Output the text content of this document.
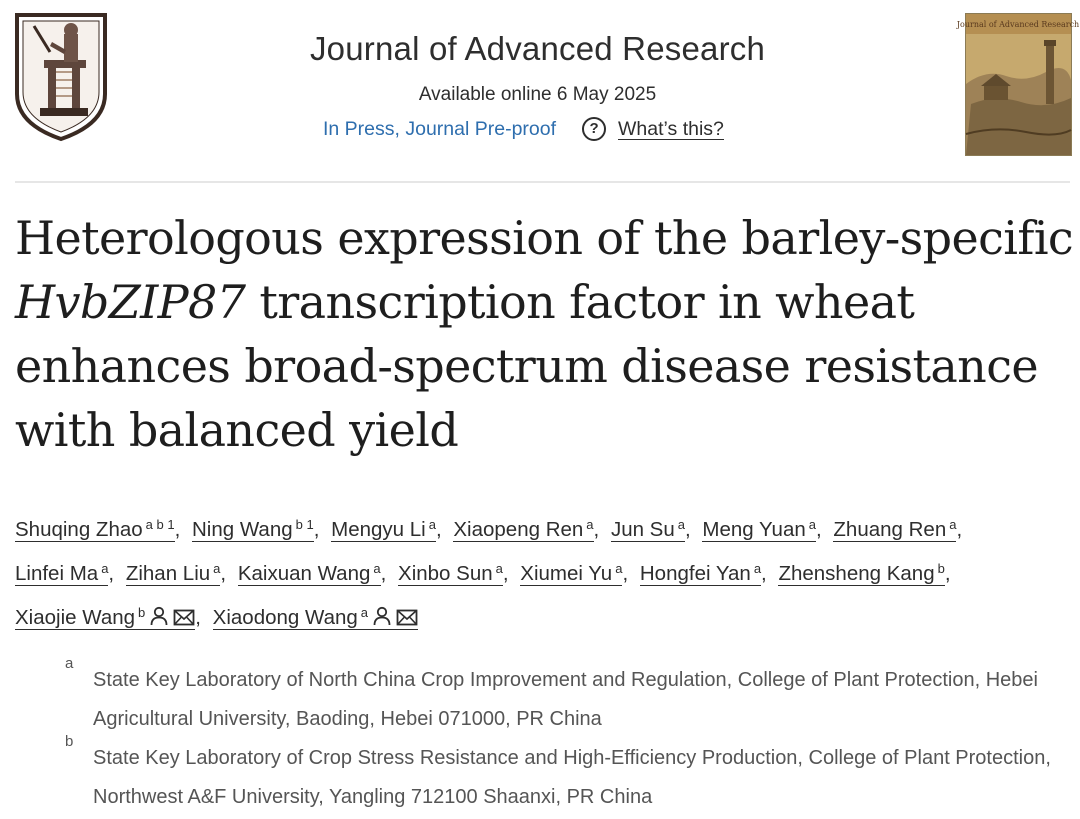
Journal of Advanced Research
Available online 6 May 2025
In Press, Journal Pre-proof	? What’s this?
Journal of Advanced Research
Heterologous expression of the barley-specific HvbZIP87 transcription factor in wheat enhances broad-spectrum disease resistance with balanced yield
Shuqing Zhao $^{a b 1}$, Ning Wang $^{b 1}$, Mengyu Li $^a$, Xiaopeng Ren $^a$, Jun Su $^a$, Meng Yuan $^a$, Zhuang Ren $^a$, Linfei Ma $^a$, Zihan Liu $^a$, Kaixuan Wang $^a$, Xinbo Sun $^a$, Xiumei Yu $^a$, Hongfei Yan $^a$, Zhensheng Kang $^b$, Xiaojie Wang $^b$ , Xiaodong Wang $^a$
a
State Key Laboratory of North China Crop Improvement and Regulation, College of Plant Protection, Hebei Agricultural University, Baoding, Hebei 071000, PR China
b
State Key Laboratory of Crop Stress Resistance and High-Efficiency Production, College of Plant Protection, Northwest A&F University, Yangling 712100 Shaanxi, PR China
